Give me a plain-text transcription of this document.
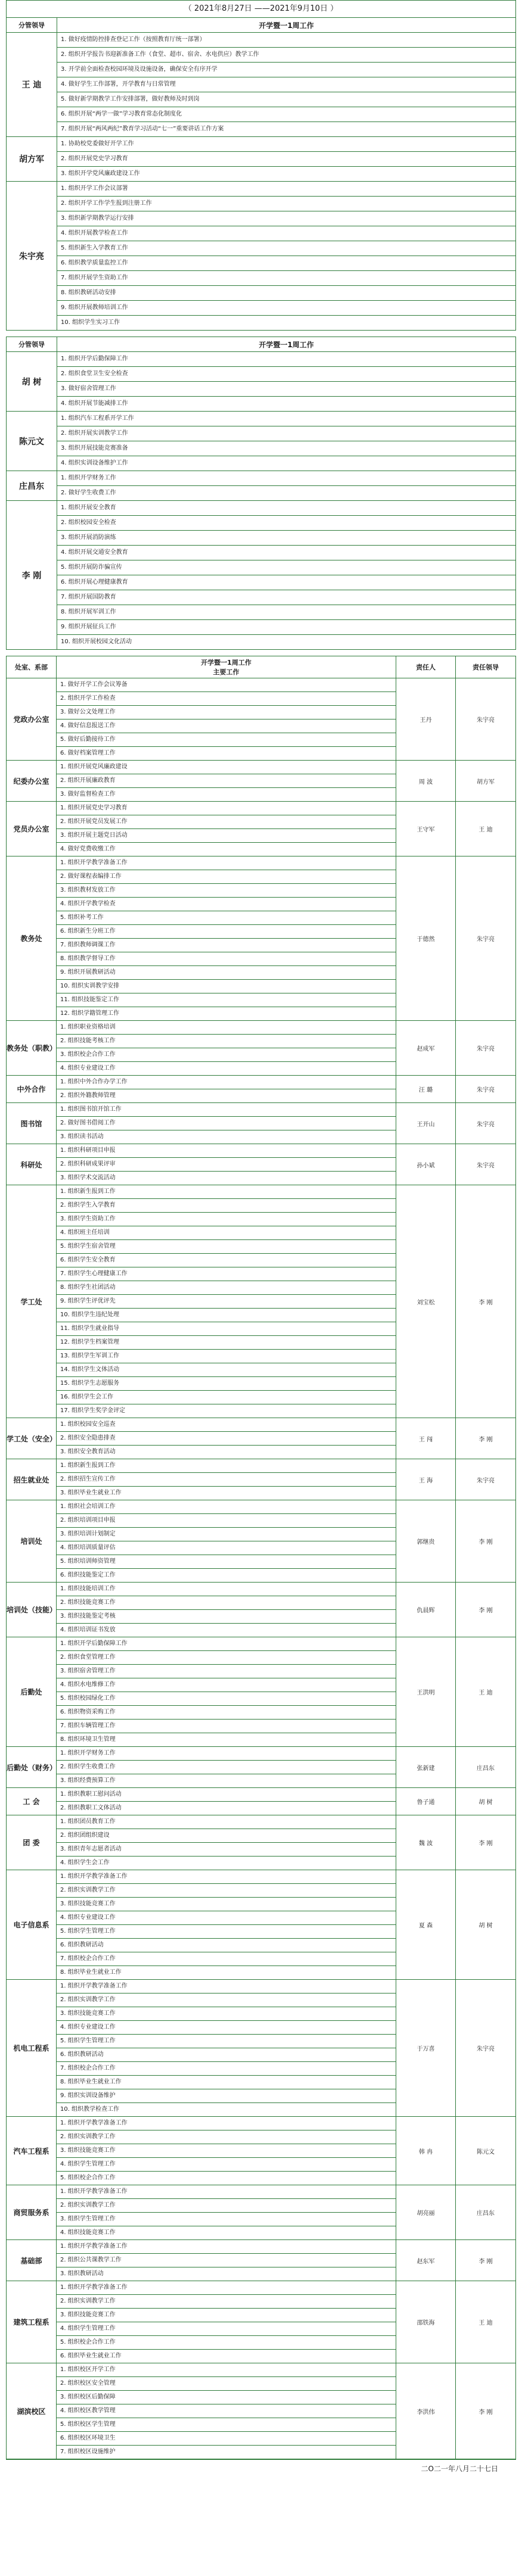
（ 2021年8月27日 ——2021年9月10日 ）
分管领导	开学暨一1周工作
王 迪
1. 做好疫情防控排查登记工作（按照教育厅统一部署）
2. 组织开学报告书迎新准备工作（食堂、超市、宿舍、水电供应）教学工作
3. 开学前全面检查校园环境及设施设备，确保安全有序开学
4. 做好学生工作部署，开学教育与日常管理
5. 做好新学期教学工作安排部署，做好教师及时到岗
6. 组织开展“两学一做”学习教育常态化制度化
7. 组织开展“两风两纪”教育学习活动“七一”重要讲话工作方案
胡方军
1. 协助校党委做好开学工作
2. 组织开展党史学习教育
3. 组织开学党风廉政建设工作
朱宇亮
1. 组织开学工作会议部署
2. 组织开学工作学生报到注册工作
3. 组织新学期教学运行安排
4. 组织开展教学检查工作
5. 组织新生入学教育工作
6. 组织教学质量监控工作
7. 组织开展学生资助工作
8. 组织教研活动安排
9. 组织开展教师培训工作
10. 组织学生实习工作
分管领导	开学暨一1周工作
胡 树
1. 组织开学后勤保障工作
2. 组织食堂卫生安全检查
3. 做好宿舍管理工作
4. 组织开展节能减排工作
陈元文
1. 组织汽车工程系开学工作
2. 组织开展实训教学工作
3. 组织开展技能竞赛准备
4. 组织实训设备维护工作
庄昌东
1. 组织开学财务工作
2. 做好学生收费工作
李 刚
1. 组织开展安全教育
2. 组织校园安全检查
3. 组织开展消防演练
4. 组织开展交通安全教育
5. 组织开展防诈骗宣传
6. 组织开展心理健康教育
7. 组织开展国防教育
8. 组织开展军训工作
9. 组织开展征兵工作
10. 组织开展校园文化活动
处室、系部
开学暨一1周工作
主要工作
责任人	责任领导
党政办公室
1. 做好开学工作会议筹备
2. 组织开学工作检查
3. 做好公文处理工作
4. 做好信息报送工作
5. 做好后勤接待工作
6. 做好档案管理工作
王丹	朱宇亮
纪委办公室
1. 组织开展党风廉政建设
2. 组织开展廉政教育
3. 做好监督检查工作
周 波	胡方军
党员办公室
1. 组织开展党史学习教育
2. 组织开展党员发展工作
3. 组织开展主题党日活动
4. 做好党费收缴工作
王守军	王 迪
教务处
1. 组织开学教学准备工作
2. 做好课程表编排工作
3. 组织教材发放工作
4. 组织开学教学检查
5. 组织补考工作
6. 组织新生分班工作
7. 组织教师调课工作
8. 组织教学督导工作
9. 组织开展教研活动
10. 组织实训教学安排
11. 组织技能鉴定工作
12. 组织学籍管理工作
于德然	朱宇亮
教务处（职教）
1. 组织职业资格培训
2. 组织技能考核工作
3. 组织校企合作工作
4. 组织专业建设工作
赵成军	朱宇亮
中外合作
1. 组织中外合作办学工作
2. 组织外籍教师管理
汪 璐	朱宇亮
图书馆
1. 组织图书馆开馆工作
2. 做好图书借阅工作
3. 组织读书活动
王开山	朱宇亮
科研处
1. 组织科研项目申报
2. 组织科研成果评审
3. 组织学术交流活动
孙小斌	朱宇亮
学工处
1. 组织新生报到工作
2. 组织学生入学教育
3. 组织学生资助工作
4. 组织班主任培训
5. 组织学生宿舍管理
6. 组织学生安全教育
7. 组织学生心理健康工作
8. 组织学生社团活动
9. 组织学生评优评先
10. 组织学生违纪处理
11. 组织学生就业指导
12. 组织学生档案管理
13. 组织学生军训工作
14. 组织学生文体活动
15. 组织学生志愿服务
16. 组织学生会工作
17. 组织学生奖学金评定
刘宝松	李 刚
学工处（安全）
1. 组织校园安全巡查
2. 组织安全隐患排查
3. 组织安全教育活动
王 闯	李 刚
招生就业处
1. 组织新生报到工作
2. 组织招生宣传工作
3. 组织毕业生就业工作
王 海	朱宇亮
培训处
1. 组织社会培训工作
2. 组织培训项目申报
3. 组织培训计划制定
4. 组织培训质量评估
5. 组织培训师资管理
6. 组织技能鉴定工作
郭继贵	李 刚
培训处（技能）
1. 组织技能培训工作
2. 组织技能竞赛工作
3. 组织技能鉴定考核
4. 组织培训证书发放
仇晨辉	李 刚
后勤处
1. 组织开学后勤保障工作
2. 组织食堂管理工作
3. 组织宿舍管理工作
4. 组织水电维修工作
5. 组织校园绿化工作
6. 组织物资采购工作
7. 组织车辆管理工作
8. 组织环境卫生管理
王洪明	王 迪
后勤处（财务）
1. 组织开学财务工作
2. 组织学生收费工作
3. 组织经费预算工作
张新建	庄昌东
工 会
1. 组织教职工慰问活动
2. 组织教职工文体活动
鲁子通	胡 树
团 委
1. 组织团员教育工作
2. 组织团组织建设
3. 组织青年志愿者活动
4. 组织学生会工作
魏 波	李 刚
电子信息系
1. 组织开学教学准备工作
2. 组织实训教学工作
3. 组织技能竞赛工作
4. 组织专业建设工作
5. 组织学生管理工作
6. 组织教研活动
7. 组织校企合作工作
8. 组织毕业生就业工作
夏 森	胡 树
机电工程系
1. 组织开学教学准备工作
2. 组织实训教学工作
3. 组织技能竞赛工作
4. 组织专业建设工作
5. 组织学生管理工作
6. 组织教研活动
7. 组织校企合作工作
8. 组织毕业生就业工作
9. 组织实训设备维护
10. 组织教学检查工作
于万喜	朱宇亮
汽车工程系
1. 组织开学教学准备工作
2. 组织实训教学工作
3. 组织技能竞赛工作
4. 组织学生管理工作
5. 组织校企合作工作
韩 冉	陈元文
商贸服务系
1. 组织开学教学准备工作
2. 组织实训教学工作
3. 组织学生管理工作
4. 组织技能竞赛工作
胡亮丽	庄昌东
基础部
1. 组织开学教学准备工作
2. 组织公共课教学工作
3. 组织教研活动
赵东军	李 刚
建筑工程系
1. 组织开学教学准备工作
2. 组织实训教学工作
3. 组织技能竞赛工作
4. 组织学生管理工作
5. 组织校企合作工作
6. 组织毕业生就业工作
邵铁海	王 迪
湖滨校区
1. 组织校区开学工作
2. 组织校区安全管理
3. 组织校区后勤保障
4. 组织校区教学管理
5. 组织校区学生管理
6. 组织校区环境卫生
7. 组织校区设施维护
李洪伟	李 刚
二O二一年八月二十七日
